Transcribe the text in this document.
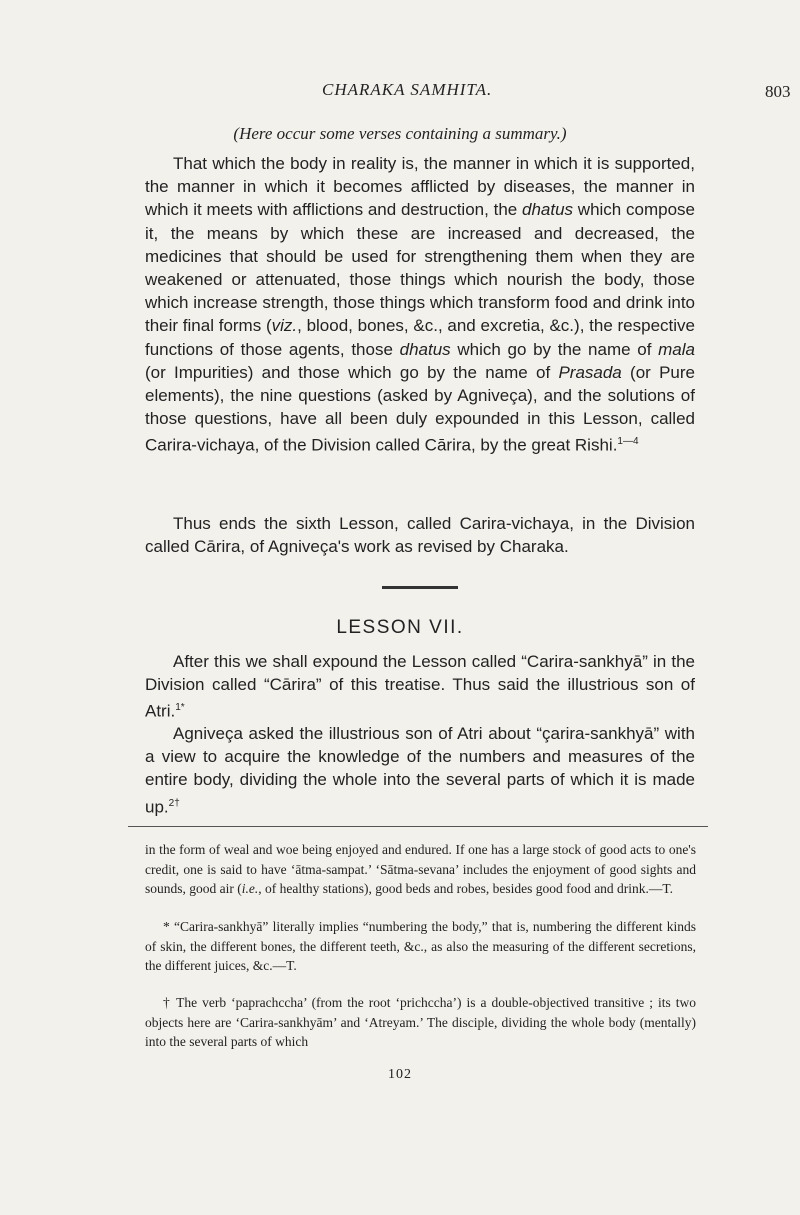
CHARAKA SAMHITA.	803
(Here occur some verses containing a summary.)

That which the body in reality is, the manner in which it is supported, the manner in which it becomes afflicted by diseases, the manner in which it meets with afflictions and destruction, the dhatus which compose it, the means by which these are increased and decreased, the medicines that should be used for strengthening them when they are weakened or attenuated, those things which nourish the body, those which increase strength, those things which transform food and drink into their final forms (viz., blood, bones, &c., and excretia, &c.), the respective functions of those agents, those dhatus which go by the name of mala (or Impurities) and those which go by the name of Prasada (or Pure elements), the nine questions (asked by Agniveça), and the solutions of those questions, have all been duly expounded in this Lesson, called Carira-vichaya, of the Division called Cārira, by the great Rishi.$^{1—4}$

Thus ends the sixth Lesson, called Carira-vichaya, in the Division called Cārira, of Agniveça's work as revised by Charaka.

LESSON VII.

After this we shall expound the Lesson called “Carira-sankhyā” in the Division called “Cārira” of this treatise. Thus said the illustrious son of Atri.$^{1*}$

Agniveça asked the illustrious son of Atri about “çarira-sankhyā” with a view to acquire the knowledge of the numbers and measures of the entire body, dividing the whole into the several parts of which it is made up.$^{2\dagger}$

in the form of weal and woe being enjoyed and endured. If one has a large stock of good acts to one's credit, one is said to have ‘ātma-sampat.’ ‘Sātma-sevana’ includes the enjoyment of good sights and sounds, good air (i.e., of healthy stations), good beds and robes, besides good food and drink.—T.

* “Carira-sankhyā” literally implies “numbering the body,” that is, numbering the different kinds of skin, the different bones, the different teeth, &c., as also the measuring of the different secretions, the different juices, &c.—T.

† The verb ‘paprachccha’ (from the root ‘prichccha’) is a double-objectived transitive ; its two objects here are ‘Carira-sankhyām’ and ‘Atreyam.’ The disciple, dividing the whole body (mentally) into the several parts of which

102
